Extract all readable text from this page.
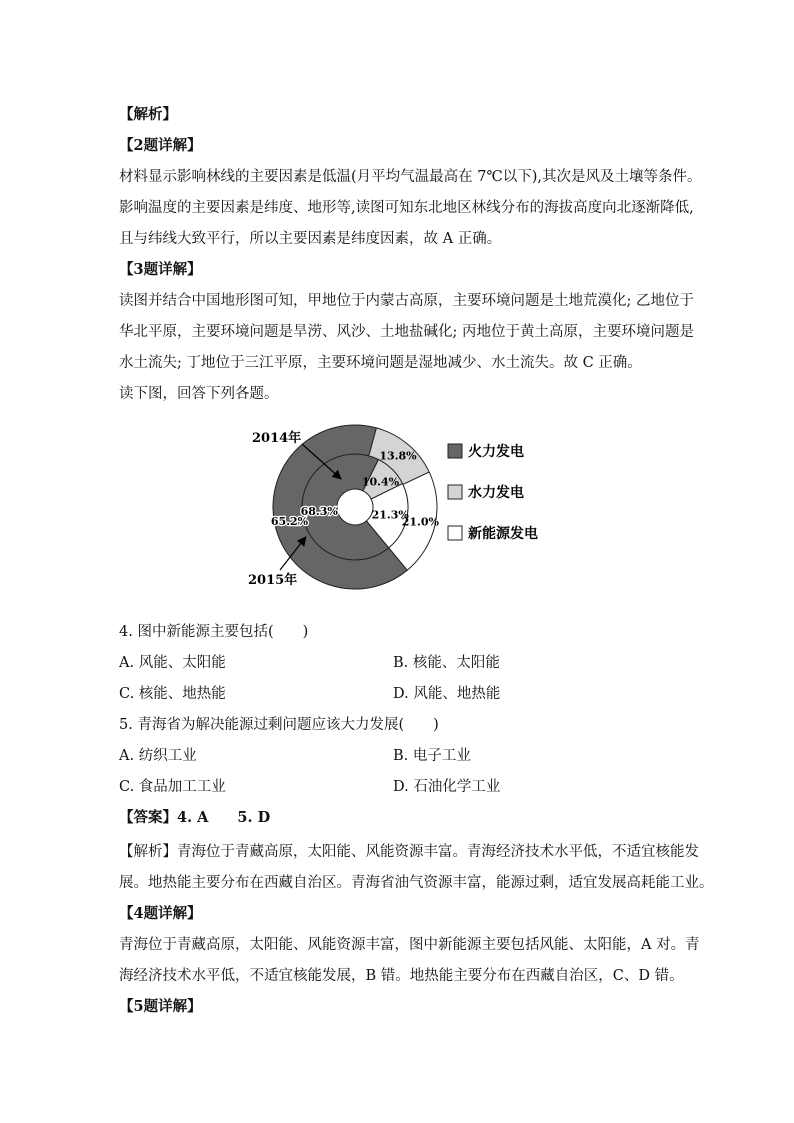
【解析】
【2题详解】
材料显示影响林线的主要因素是低温(月平均气温最高在 7℃以下),其次是风及土壤等条件。
影响温度的主要因素是纬度、地形等,读图可知东北地区林线分布的海拔高度向北逐渐降低,
且与纬线大致平行，所以主要因素是纬度因素，故 A 正确。
【3题详解】
读图并结合中国地形图可知，甲地位于内蒙古高原，主要环境问题是土地荒漠化; 乙地位于
华北平原，主要环境问题是旱涝、风沙、土地盐碱化; 丙地位于黄土高原，主要环境问题是
水土流失; 丁地位于三江平原，主要环境问题是湿地减少、水土流失。故 C 正确。
读下图，回答下列各题。
68.3%
10.4%
21.3%
65.2%
13.8%
21.0%
2014年
2015年
火力发电
水力发电
新能源发电
4. 图中新能源主要包括(　　)
A. 风能、太阳能	B. 核能、太阳能
C. 核能、地热能	D. 风能、地热能
5. 青海省为解决能源过剩问题应该大力发展(　　)
A. 纺织工业	B. 电子工业
C. 食品加工工业	D. 石油化学工业
【答案】4. A　　5. D
【解析】青海位于青藏高原，太阳能、风能资源丰富。青海经济技术水平低，不适宜核能发
展。地热能主要分布在西藏自治区。青海省油气资源丰富，能源过剩，适宜发展高耗能工业。
【4题详解】
青海位于青藏高原，太阳能、风能资源丰富，图中新能源主要包括风能、太阳能，A 对。青
海经济技术水平低，不适宜核能发展，B 错。地热能主要分布在西藏自治区，C、D 错。
【5题详解】
